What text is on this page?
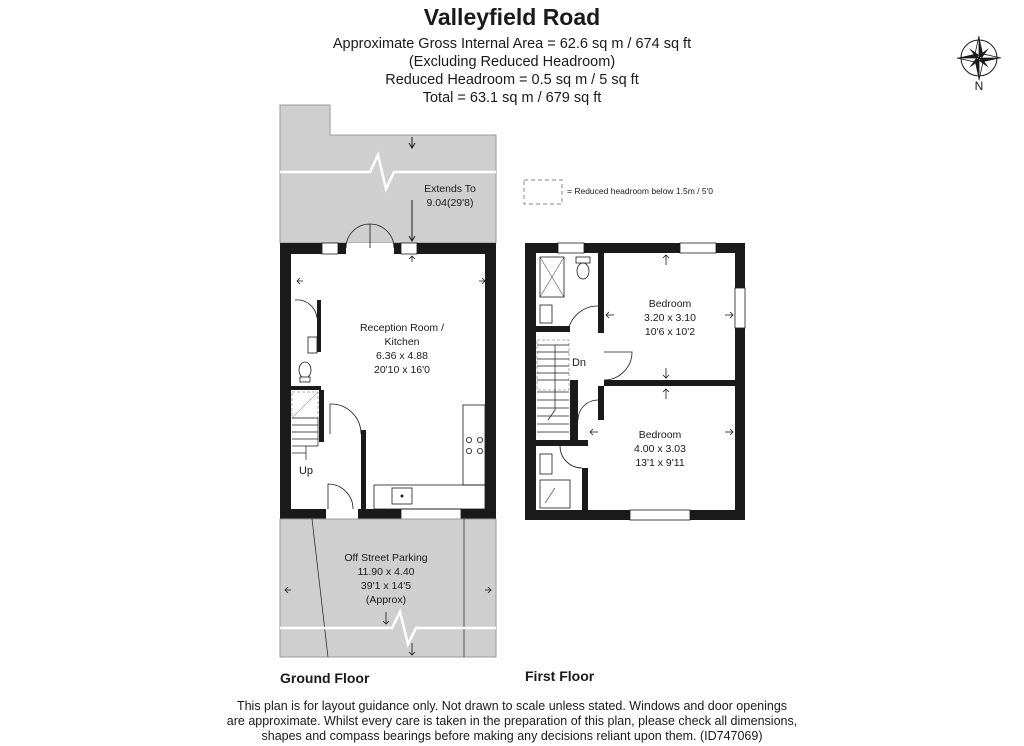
Valleyfield Road
Approximate Gross Internal Area = 62.6 sq m / 674 sq ft
(Excluding Reduced Headroom)
Reduced Headroom = 0.5 sq m / 5 sq ft
Total = 63.1 sq m / 679 sq ft
N
= Reduced headroom below 1.5m / 5'0
Extends To
9.04(29'8)
Up
Reception Room /
Kitchen
6.36 x 4.88
20'10 x 16'0
Off Street Parking
11.90 x 4.40
39'1 x 14'5
(Approx)
Dn
Bedroom
3.20 x 3.10
10'6 x 10'2
Bedroom
4.00 x 3.03
13'1 x 9'11
Ground Floor	First Floor
This plan is for layout guidance only. Not drawn to scale unless stated. Windows and door openings
are approximate. Whilst every care is taken in the preparation of this plan, please check all dimensions,
shapes and compass bearings before making any decisions reliant upon them. (ID747069)
